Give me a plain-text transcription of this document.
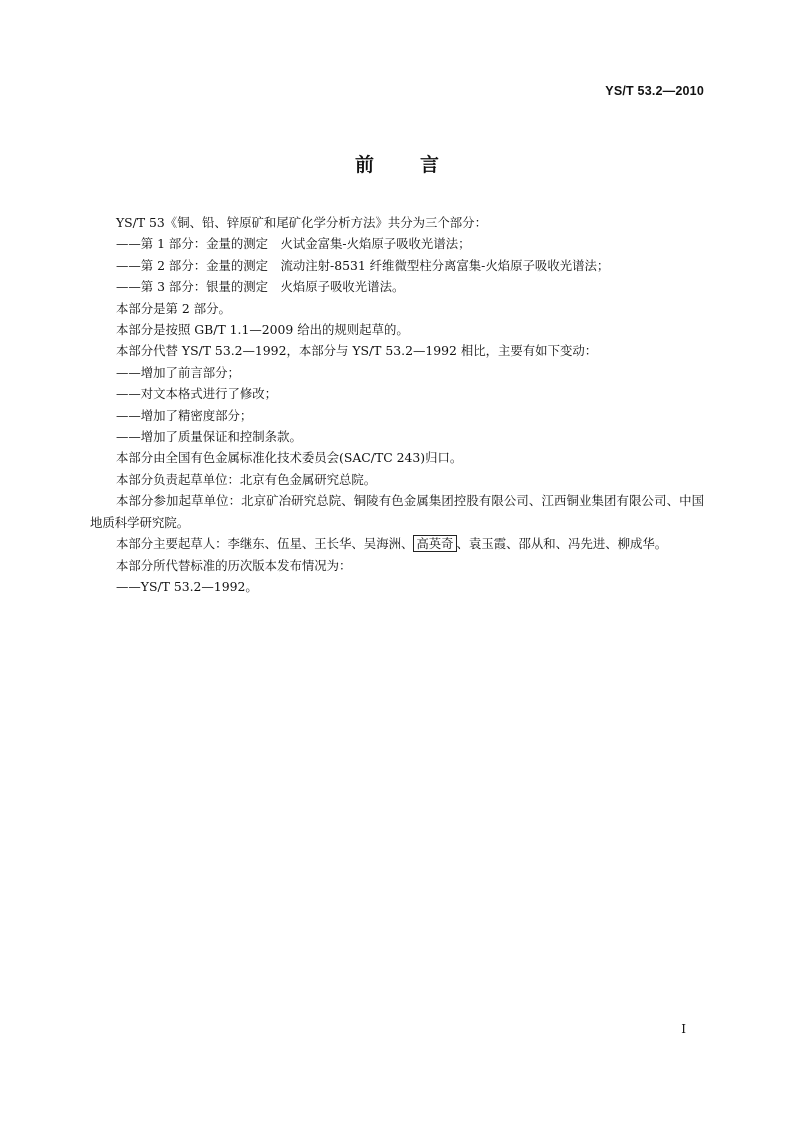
YS/T 53.2—2010
前 言

YS/T 53《铜、铅、锌原矿和尾矿化学分析方法》共分为三个部分：

——第 1 部分：金量的测定　火试金富集-火焰原子吸收光谱法；

——第 2 部分：金量的测定　流动注射-8531 纤维微型柱分离富集-火焰原子吸收光谱法；

——第 3 部分：银量的测定　火焰原子吸收光谱法。

本部分是第 2 部分。

本部分是按照 GB/T 1.1—2009 给出的规则起草的。

本部分代替 YS/T 53.2—1992，本部分与 YS/T 53.2—1992 相比，主要有如下变动：

——增加了前言部分；

——对文本格式进行了修改；

——增加了精密度部分；

——增加了质量保证和控制条款。

本部分由全国有色金属标准化技术委员会(SAC/TC 243)归口。

本部分负责起草单位：北京有色金属研究总院。

本部分参加起草单位：北京矿冶研究总院、铜陵有色金属集团控股有限公司、江西铜业集团有限公司、中国地质科学研究院。

本部分主要起草人：李继东、伍星、王长华、吴海洲、 高英奇 、袁玉霞、邵从和、冯先进、柳成华。

本部分所代替标准的历次版本发布情况为：

——YS/T 53.2—1992。

I
